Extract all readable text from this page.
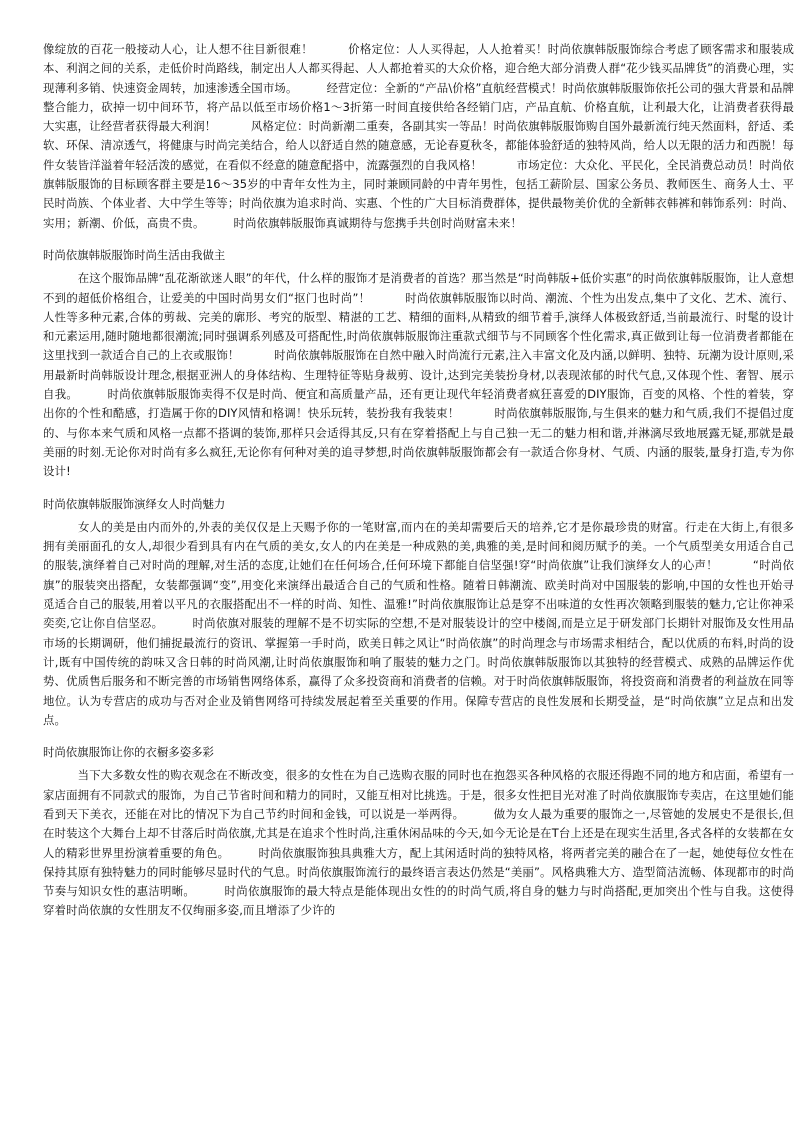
像绽放的百花一般接动人心，让人想不往目新很难！　　　价格定位：人人买得起，人人抢着买！时尚依旗韩版服饰综合考虑了顾客需求和服装成本、利润之间的关系，走低价时尚路线，制定出人人都买得起、人人都抢着买的大众价格，迎合绝大部分消费人群“花少钱买品牌货”的消费心理，实现薄利多销、快速资金周转，加速渗透全国市场。　　　经营定位：全新的“产品\价格”直航经营模式！时尚依旗韩版服饰依托公司的强大背景和品牌整合能力，砍掉一切中间环节，将产品以低至市场价格1～3折第一时间直接供给各经销门店，产品直航、价格直航，让利最大化，让消费者获得最大实惠，让经营者获得最大利润！　　　风格定位：时尚新潮二重奏，各副其实一等品！时尚依旗韩版服饰购自国外最新流行纯天然面料，舒适、柔软、环保、清凉透气，将健康与时尚完美结合，给人以舒适自然的随意感，无论春夏秋冬，都能体验舒适的独特风尚，给人以无限的活力和西脱！每件女装皆洋溢着年轻活泼的感觉，在看似不经意的随意配搭中，流露强烈的自我风格！　　　市场定位：大众化、平民化，全民消费总动员！时尚依旗韩版服饰的目标顾客群主要是16～35岁的中青年女性为主，同时兼顾同龄的中青年男性，包括工薪阶层、国家公务员、教师医生、商务人士、平民时尚族、个体业者、大中学生等等；时尚依旗为追求时尚、实惠、个性的广大目标消费群体，提供最物美价优的全新韩衣韩裤和韩饰系列：时尚、实用；新潮、价低，高贵不贵。　　　时尚依旗韩版服饰真诚期待与您携手共创时尚财富未来！

时尚依旗韩版服饰时尚生活由我做主

　　　在这个服饰品牌“乱花渐欲迷人眼”的年代，什么样的服饰才是消费者的首选？那当然是“时尚韩版+低价实惠”的时尚依旗韩版服饰，让人意想不到的超低价格组合，让爱美的中国时尚男女们“抠门也时尚”！　　　时尚依旗韩版服饰以时尚、潮流、个性为出发点,集中了文化、艺术、流行、人性等多种元素,合体的剪裁、完美的廓形、考究的版型、精湛的工艺、精细的面料,从精致的细节着手,演绎人体极致舒适,当前最流行、时髦的设计和元素运用,随时随地都很潮流;同时强调系列感及可搭配性,时尚依旗韩版服饰注重款式细节与不同顾客个性化需求,真正做到让每一位消费者都能在这里找到一款适合自己的上衣或服饰！　　　时尚依旗韩版服饰在自然中融入时尚流行元素,注入丰富文化及内涵,以鲜明、独特、玩潮为设计原则,采用最新时尚韩版设计理念,根据亚洲人的身体结构、生理特征等贴身裁剪、设计,达到完美装扮身材,以表现浓郁的时代气息,又体现个性、奢智、展示自我。　　　时尚依旗韩版服饰卖得不仅是时尚、便宜和高质量产品，还有更让现代年轻消费者疯狂喜爱的DIY服饰，百变的风格、个性的着装，穿出你的个性和酷感，打造属于你的DIY风情和格调！快乐玩转，装扮我有我装束！　　　时尚依旗韩版服饰,与生俱来的魅力和气质,我们不提倡过度的、与你本来气质和风格一点都不搭调的装饰,那样只会适得其反,只有在穿着搭配上与自己独一无二的魅力相和谐,并淋漓尽致地展露无疑,那就是最美丽的时刻.无论你对时尚有多么疯狂,无论你有何种对美的追寻梦想,时尚依旗韩版服饰都会有一款适合你身材、气质、内涵的服装,量身打造,专为你设计!

时尚依旗韩版服饰演绎女人时尚魅力

　　　女人的美是由内而外的,外表的美仅仅是上天赐予你的一笔财富,而内在的美却需要后天的培养,它才是你最珍贵的财富。行走在大街上,有很多拥有美丽面孔的女人,却很少看到具有内在气质的美女,女人的内在美是一种成熟的美,典雅的美,是时间和阅历赋予的美。一个气质型美女用适合自己的服装,演绎着自己对时尚的理解,对生活的态度,让她们在任何场合,任何环境下都能自信坚强!穿“时尚依旗”让我们演绎女人的心声！　　　“时尚依旗”的服装突出搭配，女装都强调“变”,用变化来演绎出最适合自己的气质和性格。随着日韩潮流、欧美时尚对中国服装的影响,中国的女性也开始寻觅适合自己的服装,用着以平凡的衣服搭配出不一样的时尚、知性、温雅!”时尚依旗服饰让总是穿不出味道的女性再次领略到服装的魅力,它让你神采奕奕,它让你自信坚忍。　　　时尚依旗对服装的理解不是不切实际的空想,不是对服装设计的空中楼阁,而是立足于研发部门长期针对服饰及女性用品市场的长期调研，他们捕捉最流行的资讯、掌握第一手时尚，欧美日韩之风让“时尚依旗”的时尚理念与市场需求相结合，配以优质的布料,时尚的设计,既有中国传统的韵味又含日韩的时尚风潮,让时尚依旗服饰和响了服装的魅力之门。时尚依旗韩版服饰以其独特的经营模式、成熟的品牌运作优势、优质售后服务和不断完善的市场销售网络体系，赢得了众多投资商和消费者的信赖。对于时尚依旗韩版服饰，将投资商和消费者的利益放在同等地位。认为专营店的成功与否对企业及销售网络可持续发展起着至关重要的作用。保障专营店的良性发展和长期受益，是“时尚依旗”立足点和出发点。

时尚依旗服饰让你的衣橱多姿多彩

　　　当下大多数女性的购衣观念在不断改变，很多的女性在为自己选购衣服的同时也在抱怨买各种风格的衣服还得跑不同的地方和店面，希望有一家店面拥有不同款式的服饰，为自己节省时间和精力的同时，又能互相对比挑选。于是，很多女性把目光对准了时尚依旗服饰专卖店，在这里她们能看到天下美衣，还能在对比的情况下为自己节约时间和金钱，可以说是一举两得。　　　做为女人最为重要的服饰之一,尽管她的发展史不是很长,但在时装这个大舞台上却不甘落后时尚依旗,尤其是在追求个性时尚,注重休闲品味的今天,如今无论是在T台上还是在现实生活里,各式各样的女装都在女人的精彩世界里扮演着重要的角色。　　　时尚依旗服饰独具典雅大方，配上其闲适时尚的独特风格，将两者完美的融合在了一起，她使每位女性在保持其原有独特魅力的同时能够尽显时代的气息。时尚依旗服饰流行的最终语言表达仍然是“美丽”。风格典雅大方、造型简洁流畅、体现都市的时尚节奏与知识女性的惠洁明晰。　　　时尚依旗服饰的最大特点是能体现出女性的的时尚气质,将自身的魅力与时尚搭配,更加突出个性与自我。这使得穿着时尚依旗的女性朋友不仅绚丽多姿,而且增添了少许的
